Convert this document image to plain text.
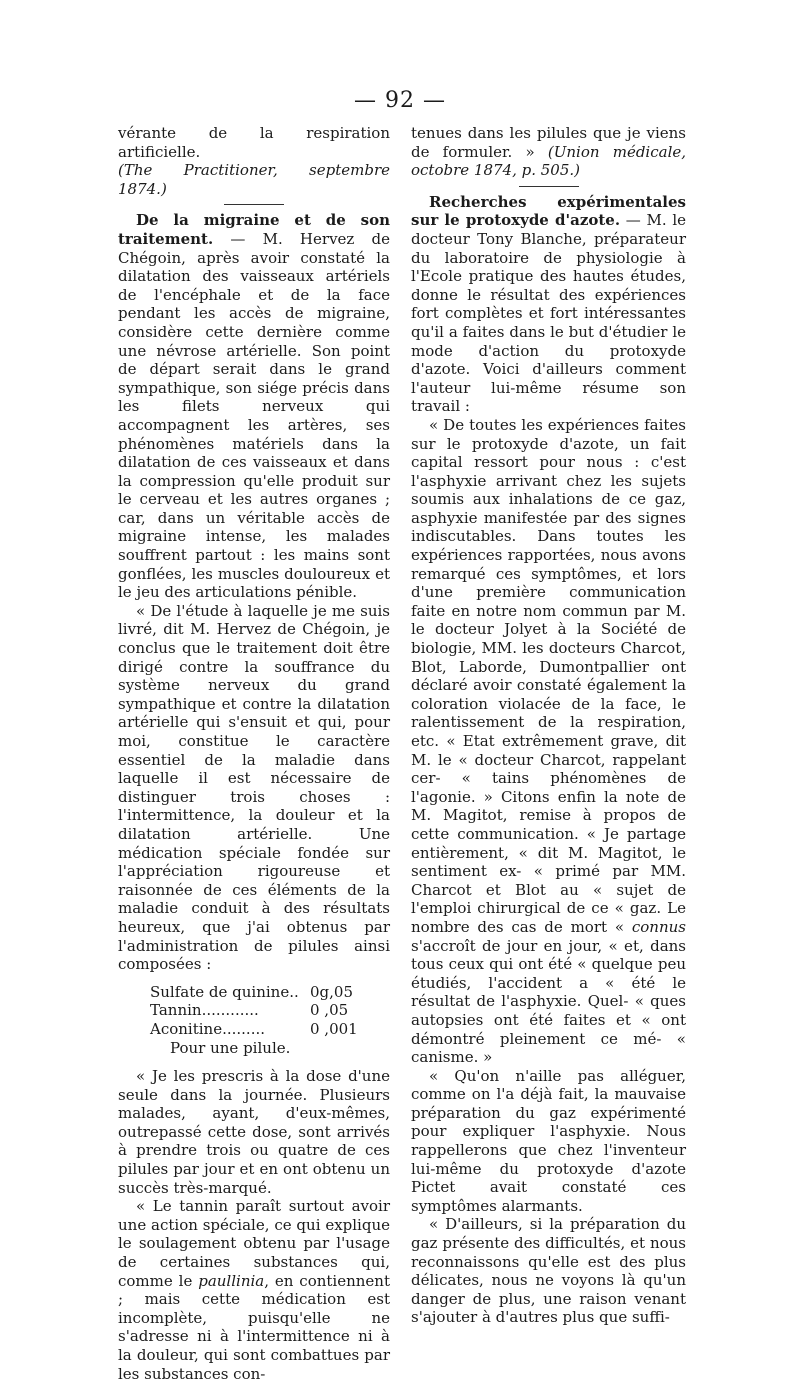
— 92 —

vérante de la respiration artificielle.
(The Practitioner, septembre 1874.)

De la migraine et de son traitement. — M. Hervez de Chégoin, après avoir constaté la dilatation des vaisseaux artériels de l'encéphale et de la face pendant les accès de migraine, considère cette dernière comme une névrose artérielle. Son point de départ serait dans le grand sympathique, son siége précis dans les filets nerveux qui accompagnent les artères, ses phénomènes matériels dans la dilatation de ces vaisseaux et dans la compression qu'elle produit sur le cerveau et les autres organes ; car, dans un véritable accès de migraine intense, les malades souffrent partout : les mains sont gonflées, les muscles douloureux et le jeu des articulations pénible.

« De l'étude à laquelle je me suis livré, dit M. Hervez de Chégoin, je conclus que le traitement doit être dirigé contre la souffrance du système nerveux du grand sympathique et contre la dilatation artérielle qui s'ensuit et qui, pour moi, constitue le caractère essentiel de la maladie dans laquelle il est nécessaire de distinguer trois choses : l'intermittence, la douleur et la dilatation artérielle. Une médication spéciale fondée sur l'appréciation rigoureuse et raisonnée de ces éléments de la maladie conduit à des résultats heureux, que j'ai obtenus par l'administration de pilules ainsi composées :

Sulfate de quinine.. 0g,05
Tannin............	0 ,05
Aconitine.........	0 ,001
Pour une pilule.

« Je les prescris à la dose d'une seule dans la journée. Plusieurs malades, ayant, d'eux-mêmes, outrepassé cette dose, sont arrivés à prendre trois ou quatre de ces pilules par jour et en ont obtenu un succès très-marqué.

« Le tannin paraît surtout avoir une action spéciale, ce qui explique le soulagement obtenu par l'usage de certaines substances qui, comme le paullinia, en contiennent ; mais cette médication est incomplète, puisqu'elle ne s'adresse ni à l'intermittence ni à la douleur, qui sont combattues par les substances con-

tenues dans les pilules que je viens de formuler. » (Union médicale, octobre 1874, p. 505.)

Recherches expérimentales sur le protoxyde d'azote. — M. le docteur Tony Blanche, préparateur du laboratoire de physiologie à l'Ecole pratique des hautes études, donne le résultat des expériences fort complètes et fort intéressantes qu'il a faites dans le but d'étudier le mode d'action du protoxyde d'azote. Voici d'ailleurs comment l'auteur lui-même résume son travail :

« De toutes les expériences faites sur le protoxyde d'azote, un fait capital ressort pour nous : c'est l'asphyxie arrivant chez les sujets soumis aux inhalations de ce gaz, asphyxie manifestée par des signes indiscutables. Dans toutes les expériences rapportées, nous avons remarqué ces symptômes, et lors d'une première communication faite en notre nom commun par M. le docteur Jolyet à la Société de biologie, MM. les docteurs Charcot, Blot, Laborde, Dumontpallier ont déclaré avoir constaté également la coloration violacée de la face, le ralentissement de la respiration, etc. « Etat extrêmement grave, dit M. le « docteur Charcot, rappelant cer- « tains phénomènes de l'agonie. » Citons enfin la note de M. Magitot, remise à propos de cette communication. « Je partage entièrement, « dit M. Magitot, le sentiment ex- « primé par MM. Charcot et Blot au « sujet de l'emploi chirurgical de ce « gaz. Le nombre des cas de mort « connus s'accroît de jour en jour, « et, dans tous ceux qui ont été « quelque peu étudiés, l'accident a « été le résultat de l'asphyxie. Quel- « ques autopsies ont été faites et « ont démontré pleinement ce mé- « canisme. »

« Qu'on n'aille pas alléguer, comme on l'a déjà fait, la mauvaise préparation du gaz expérimenté pour expliquer l'asphyxie. Nous rappellerons que chez l'inventeur lui-même du protoxyde d'azote Pictet avait constaté ces symptômes alarmants.

« D'ailleurs, si la préparation du gaz présente des difficultés, et nous reconnaissons qu'elle est des plus délicates, nous ne voyons là qu'un danger de plus, une raison venant s'ajouter à d'autres plus que suffi-
